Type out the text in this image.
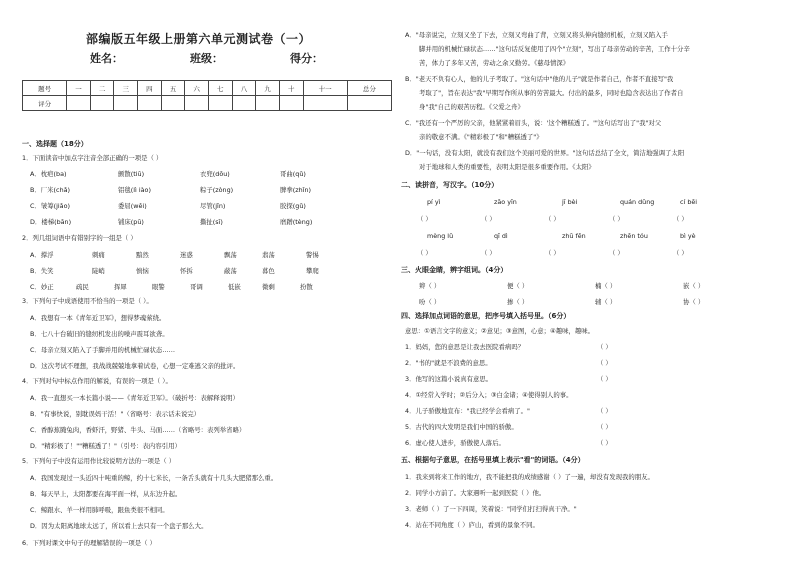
部编版五年级上册第六单元测试卷（一）
姓名：	班级：	得分：
题号	一	二	三	四	五	六	七	八	九	十	十一	总分
评分												
一、选择题（18分）
1．下面读音中加点字注音全部正确的一项是（ ）
A．枕疤(ba)	颤散(tiū)	衣兜(dōu)	哥曲(qǔ)
B．厂米(chǎ)	铝毯(lì iào)	粽子(zòng)	脾拳(zhǐn)
C．皱筹(jiǎo)	委屈(wěi)	尽管(jǐn)	胶探(gǔ)
D．楼梯(bān)	铺床(pū)	撕扯(sī)	磨蹭(tèng)
2．列几组词语中有错别字的一组是（ ）
A．撑浮	刺痛	黯然	迷惑	飘荡	翡荡	警惕
B．失笑	陡峭	慎恼	怀拆	蔽荡	暮色	攀爬
C．妙正	疏民	挥犀	眼警	哥调	低嵌	微剩	扮散
3．下列句子中成语使用不恰当的一项是（ ）。
A．我想有一本《青年近卫军》，想得梦魂萦绕。
B．七八十台破旧的缝纫机发出的噪声震耳欲聋。
C．母亲立刻又陷入了手脚并用的机械忙碌状态……
D．这次考试不理想，我战战兢兢地拿着试卷，心想一定难逃父亲的批评。
4．下列对句中标点作用的解说，有误的一项是（ ）。
A．我一直想买一本长篇小说——《青年近卫军》。（破折号：表解释说明）
B．"有事快说，别耽误妈干活！"（省略号：表示话未说完）
C．香醇蕉腌兔肉，香虾汗，野猪、牛头、马面……（省略号：表列举省略）
D．"精彩极了！""糟糕透了！"（引号：表内容引用）
5．下列句子中没有运用作比较说明方法的一项是（ ）
A．我国发现过一头近四十吨重的鲸，约十七米长，一条舌头就有十几头大肥猪那么重。
B．每天早上，太阳都要在海平面一样，从东边升起。
C．鲸跟水、羊一样用肺呼吸，跟鱼类很不相同。
D．因为太阳离地球太远了，所以看上去只有一个盘子那么大。
6．下列对课文中句子的理解错误的一项是（ ）
A．"母亲说完，立刻又坐了下去，立刻又弯曲了背，立刻又将头伸向缝纫机板，立刻又陷入手
脚并用的机械忙碌状态……"这句话反复使用了四个"立刻"，写出了母亲劳动的辛苦，工作十分辛
苦，体力了多年又苦，劳动之余又勤劳。《慈母情深》
B．"老天不负有心人，他的儿子考取了。"这句话中"他的儿子"就是作者自己，作者不直接写"我
考取了"，旨在表达"我"早期写作所从事的劳苦最大。付出的最多，同时也隐含表达出了作者自
身"我"自己的艰苦历程。《父爱之舟》
C．"我还有一个严厉的父亲，他紧紧着眉头，说：'这个糟糕透了。'"这句话写出了"我"对父
亲的敬意不满。《"精彩极了"和"糟糕透了"》
D．"一句话，没有太阳，就没有我们这个美丽可爱的世界。"这句话总结了全文，简洁地强调了太阳
对于地球和人类的重要性，表明太阳是很多重要作用。《太阳》
二、读拼音，写汉字。（10分）
pí yì	zāo yīn	jī bèi	quán dǔng	cí bēi
（ ）	（ ）	（ ）	（ ）	（ ）
mèng lǔ	qī dì	zhū fēn	zhēn tóu	bì yè
（ ）	（ ）	（ ）	（ ）	（ ）
三、火眼金睛，辨字组词。（4分）
辫（ ）	便（ ）	楠（ ）	嵌（ ）
吩（ ）	掺（ ）	辅（ ）	协（ ）
四、选择加点词语的意思，把序号填入括号里。（6分）
意思：①语言文字的意义；②意见；③意图，心意；④趣味，趣味。
1．妈妈，您的意思是让我去医院看病吗？	（ ）
2．"书的"就是不浪费的意思。	（ ）
3．他写的这篇小说真有意思。	（ ）
4．①经常入学时；②后分入；③白金诸；④使得别人的事。
4．儿子骄傲地宣布："我已经学会看病了。"	（ ）
5．古代的四大发明是我们中国的骄傲。	（ ）
6．虚心使人进步，骄傲使人落后。	（ ）
五、根据句子意思，在括号里填上表示"看"的词语。（4分）
1．我来到将来工作的地方，我不能把我的成绩感谢（ ）了一遍，却没有发现我的朋友。
2．同学小方前了。大家遇听一起到医院（ ）他。
3．老师（ ）了一下四周，笑着说："同学们打扫得真干净。"
4．站在不同角度（ ）庐山，看到的景象不同。
